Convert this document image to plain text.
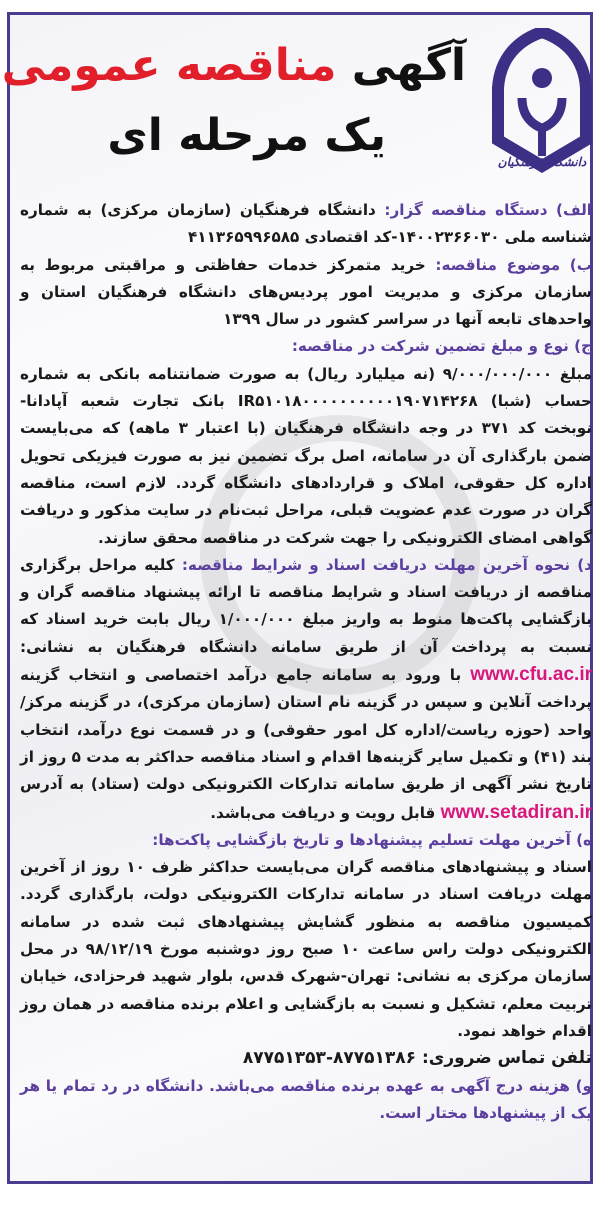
دانشگاه فرهنگیان
آگهی مناقصه عمومی
یک مرحله ای

الف) دستگاه مناقصه گزار: دانشگاه فرهنگیان (سازمان مرکزی) به شماره شناسه ملی ۱۴۰۰۲۳۶۶۰۳۰-کد اقتصادی ۴۱۱۳۶۵۹۹۶۵۸۵

ب) موضوع مناقصه: خرید متمرکز خدمات حفاظتی و مراقبتی مربوط به سازمان مرکزی و مدیریت امور پردیس‌های دانشگاه فرهنگیان استان و واحدهای تابعه آنها در سراسر کشور در سال ۱۳۹۹

ج) نوع و مبلغ تضمین شرکت در مناقصه:

مبلغ ۹/۰۰۰/۰۰۰/۰۰۰ (نه میلیارد ریال) به صورت ضمانتنامه بانکی به شماره حساب (شبا) IR۵۱۰۱۸۰۰۰۰۰۰۰۰۰۰۱۹۰۷۱۴۲۶۸ بانک تجارت شعبه آپادانا-نوبخت کد ۳۷۱ در وجه دانشگاه فرهنگیان (با اعتبار ۳ ماهه) که می‌بایست ضمن بارگذاری آن در سامانه، اصل برگ تضمین نیز به صورت فیزیکی تحویل اداره کل حقوقی، املاک و قراردادهای دانشگاه گردد. لازم است، مناقصه گران در صورت عدم عضویت قبلی، مراحل ثبت‌نام در سایت مذکور و دریافت گواهی امضای الکترونیکی را جهت شرکت در مناقصه محقق سازند.

د) نحوه آخرین مهلت دریافت اسناد و شرایط مناقصه: کلیه مراحل برگزاری مناقصه از دریافت اسناد و شرایط مناقصه تا ارائه پیشنهاد مناقصه گران و بازگشایی پاکت‌ها منوط به واریز مبلغ ۱/۰۰۰/۰۰۰ ریال بابت خرید اسناد که نسبت به پرداخت آن از طریق سامانه دانشگاه فرهنگیان به نشانی: www.cfu.ac.ir با ورود به سامانه جامع درآمد اختصاصی و انتخاب گزینه پرداخت آنلاین و سپس در گزینه نام استان (سازمان مرکزی)، در گزینه مرکز/واحد (حوزه ریاست/اداره کل امور حقوقی) و در قسمت نوع درآمد، انتخاب بند (۴۱) و تکمیل سایر گزینه‌ها اقدام و اسناد مناقصه حداکثر به مدت ۵ روز از تاریخ نشر آگهی از طریق سامانه تدارکات الکترونیکی دولت (ستاد) به آدرس www.setadiran.ir قابل رویت و دریافت می‌باشد.

ه) آخرین مهلت تسلیم پیشنهادها و تاریخ بازگشایی پاکت‌ها:

اسناد و پیشنهادهای مناقصه گران می‌بایست حداکثر ظرف ۱۰ روز از آخرین مهلت دریافت اسناد در سامانه تدارکات الکترونیکی دولت، بارگذاری گردد. کمیسیون مناقصه به منظور گشایش پیشنهادهای ثبت شده در سامانه الکترونیکی دولت راس ساعت ۱۰ صبح روز دوشنبه مورخ ۹۸/۱۲/۱۹ در محل سازمان مرکزی به نشانی: تهران-شهرک قدس، بلوار شهید فرحزادی، خیابان تربیت معلم، تشکیل و نسبت به بازگشایی و اعلام برنده مناقصه در همان روز اقدام خواهد نمود.

تلفن تماس ضروری: ۸۷۷۵۱۳۸۶-۸۷۷۵۱۳۵۳

و) هزینه درج آگهی به عهده برنده مناقصه می‌باشد. دانشگاه در رد تمام یا هر یک از پیشنهادها مختار است.
